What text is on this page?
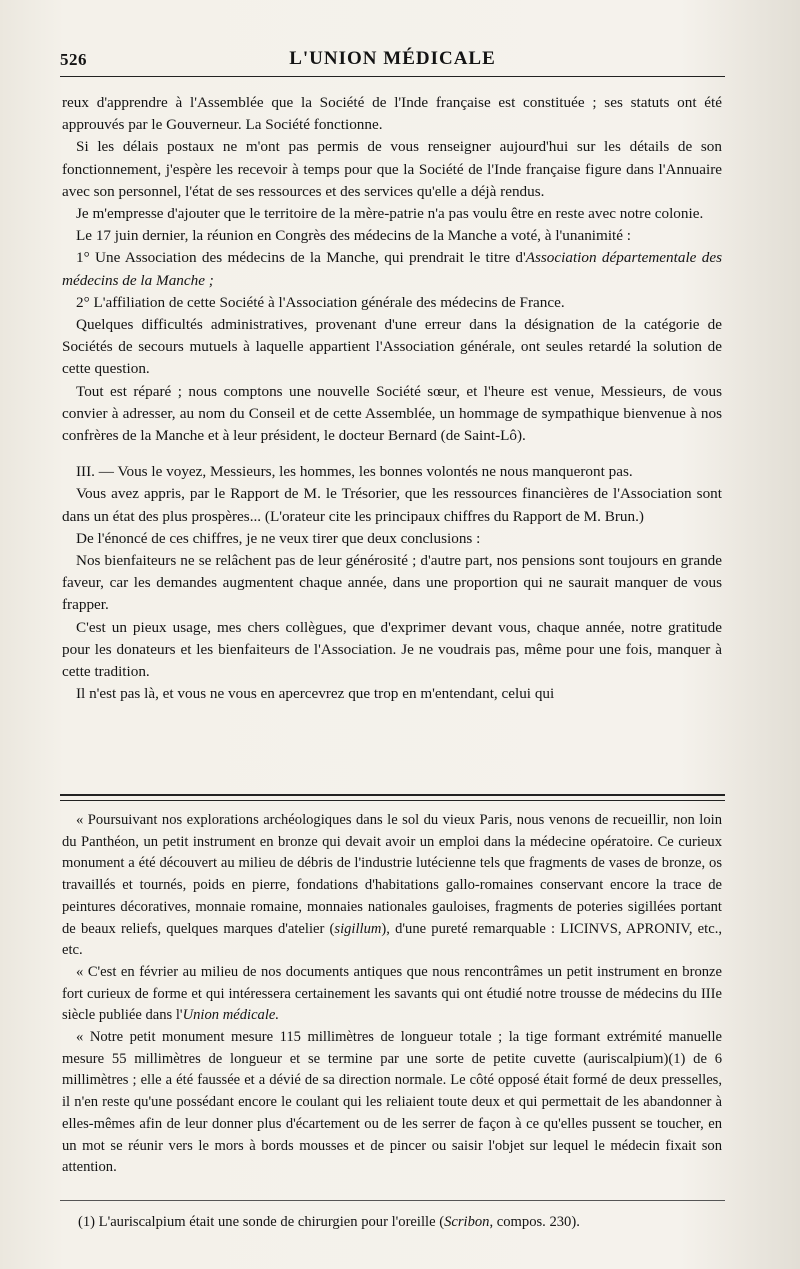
526	L'UNION MÉDICALE

reux d'apprendre à l'Assemblée que la Société de l'Inde française est constituée ; ses statuts ont été approuvés par le Gouverneur. La Société fonctionne.

Si les délais postaux ne m'ont pas permis de vous renseigner aujourd'hui sur les détails de son fonctionnement, j'espère les recevoir à temps pour que la Société de l'Inde française figure dans l'Annuaire avec son personnel, l'état de ses ressources et des services qu'elle a déjà rendus.

Je m'empresse d'ajouter que le territoire de la mère-patrie n'a pas voulu être en reste avec notre colonie.

Le 17 juin dernier, la réunion en Congrès des médecins de la Manche a voté, à l'unanimité :

1° Une Association des médecins de la Manche, qui prendrait le titre d'Association départementale des médecins de la Manche ;

2° L'affiliation de cette Société à l'Association générale des médecins de France.

Quelques difficultés administratives, provenant d'une erreur dans la désignation de la catégorie de Sociétés de secours mutuels à laquelle appartient l'Association générale, ont seules retardé la solution de cette question.

Tout est réparé ; nous comptons une nouvelle Société sœur, et l'heure est venue, Messieurs, de vous convier à adresser, au nom du Conseil et de cette Assemblée, un hommage de sympathique bienvenue à nos confrères de la Manche et à leur président, le docteur Bernard (de Saint-Lô).

III. — Vous le voyez, Messieurs, les hommes, les bonnes volontés ne nous manqueront pas.

Vous avez appris, par le Rapport de M. le Trésorier, que les ressources financières de l'Association sont dans un état des plus prospères... (L'orateur cite les principaux chiffres du Rapport de M. Brun.)

De l'énoncé de ces chiffres, je ne veux tirer que deux conclusions :

Nos bienfaiteurs ne se relâchent pas de leur générosité ; d'autre part, nos pensions sont toujours en grande faveur, car les demandes augmentent chaque année, dans une proportion qui ne saurait manquer de vous frapper.

C'est un pieux usage, mes chers collègues, que d'exprimer devant vous, chaque année, notre gratitude pour les donateurs et les bienfaiteurs de l'Association. Je ne voudrais pas, même pour une fois, manquer à cette tradition.

Il n'est pas là, et vous ne vous en apercevrez que trop en m'entendant, celui qui

« Poursuivant nos explorations archéologiques dans le sol du vieux Paris, nous venons de recueillir, non loin du Panthéon, un petit instrument en bronze qui devait avoir un emploi dans la médecine opératoire. Ce curieux monument a été découvert au milieu de débris de l'industrie lutécienne tels que fragments de vases de bronze, os travaillés et tournés, poids en pierre, fondations d'habitations gallo-romaines conservant encore la trace de peintures décoratives, monnaie romaine, monnaies nationales gauloises, fragments de poteries sigillées portant de beaux reliefs, quelques marques d'atelier (sigillum), d'une pureté remarquable : LICINVS, APRONIV, etc., etc.

« C'est en février au milieu de nos documents antiques que nous rencontrâmes un petit instrument en bronze fort curieux de forme et qui intéressera certainement les savants qui ont étudié notre trousse de médecins du IIIe siècle publiée dans l'Union médicale.

« Notre petit monument mesure 115 millimètres de longueur totale ; la tige formant extrémité manuelle mesure 55 millimètres de longueur et se termine par une sorte de petite cuvette (auriscalpium)(1) de 6 millimètres ; elle a été faussée et a dévié de sa direction normale. Le côté opposé était formé de deux presselles, il n'en reste qu'une possédant encore le coulant qui les reliaient toute deux et qui permettait de les abandonner à elles-mêmes afin de leur donner plus d'écartement ou de les serrer de façon à ce qu'elles pussent se toucher, en un mot se réunir vers le mors à bords mousses et de pincer ou saisir l'objet sur lequel le médecin fixait son attention.

(1) L'auriscalpium était une sonde de chirurgien pour l'oreille (Scribon, compos. 230).
